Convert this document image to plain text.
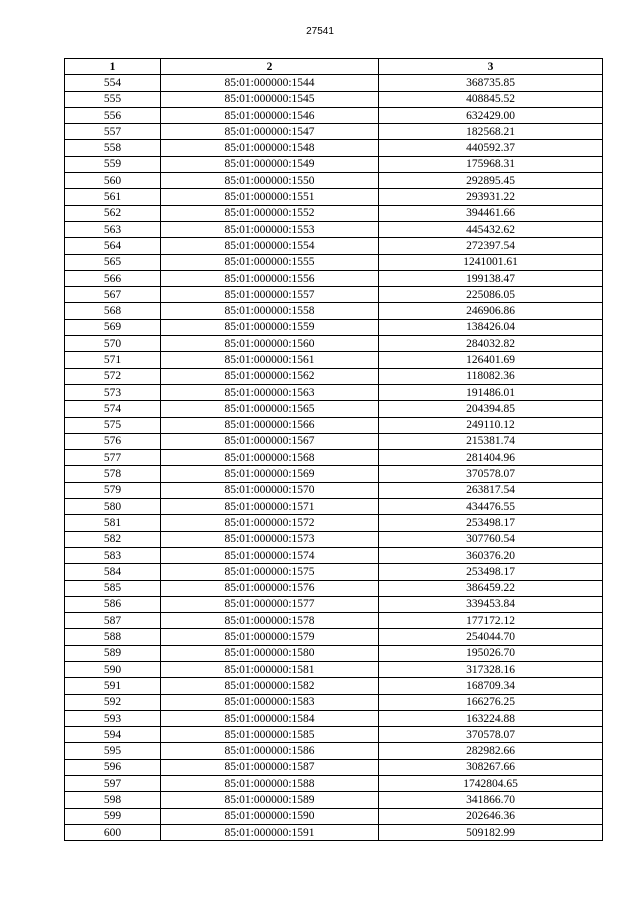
27541
1	2	3
554	85:01:000000:1544	368735.85
555	85:01:000000:1545	408845.52
556	85:01:000000:1546	632429.00
557	85:01:000000:1547	182568.21
558	85:01:000000:1548	440592.37
559	85:01:000000:1549	175968.31
560	85:01:000000:1550	292895.45
561	85:01:000000:1551	293931.22
562	85:01:000000:1552	394461.66
563	85:01:000000:1553	445432.62
564	85:01:000000:1554	272397.54
565	85:01:000000:1555	1241001.61
566	85:01:000000:1556	199138.47
567	85:01:000000:1557	225086.05
568	85:01:000000:1558	246906.86
569	85:01:000000:1559	138426.04
570	85:01:000000:1560	284032.82
571	85:01:000000:1561	126401.69
572	85:01:000000:1562	118082.36
573	85:01:000000:1563	191486.01
574	85:01:000000:1565	204394.85
575	85:01:000000:1566	249110.12
576	85:01:000000:1567	215381.74
577	85:01:000000:1568	281404.96
578	85:01:000000:1569	370578.07
579	85:01:000000:1570	263817.54
580	85:01:000000:1571	434476.55
581	85:01:000000:1572	253498.17
582	85:01:000000:1573	307760.54
583	85:01:000000:1574	360376.20
584	85:01:000000:1575	253498.17
585	85:01:000000:1576	386459.22
586	85:01:000000:1577	339453.84
587	85:01:000000:1578	177172.12
588	85:01:000000:1579	254044.70
589	85:01:000000:1580	195026.70
590	85:01:000000:1581	317328.16
591	85:01:000000:1582	168709.34
592	85:01:000000:1583	166276.25
593	85:01:000000:1584	163224.88
594	85:01:000000:1585	370578.07
595	85:01:000000:1586	282982.66
596	85:01:000000:1587	308267.66
597	85:01:000000:1588	1742804.65
598	85:01:000000:1589	341866.70
599	85:01:000000:1590	202646.36
600	85:01:000000:1591	509182.99
